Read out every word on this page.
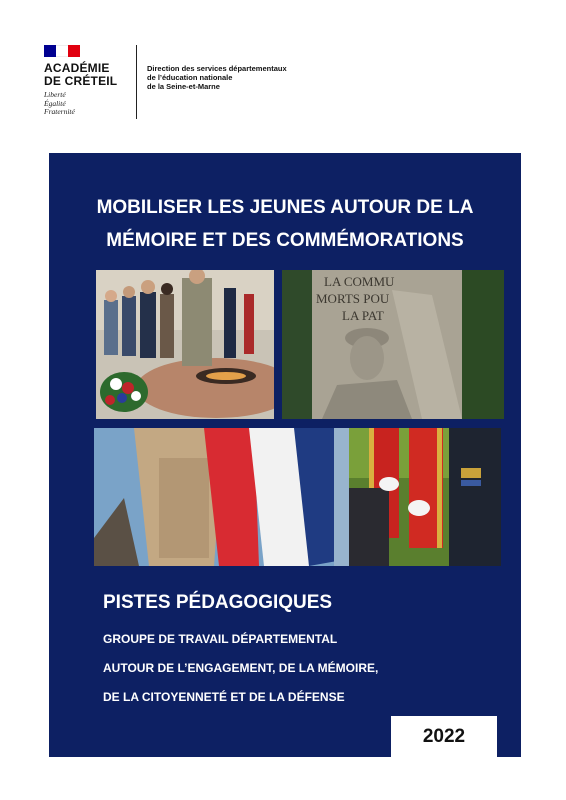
ACADÉMIE
DE CRÉTEIL
Liberté
Égalité
Fraternité
Direction des services départementaux
de l’éducation nationale
de la Seine-et-Marne
MOBILISER LES JEUNES AUTOUR DE LA
MÉMOIRE ET DES COMMÉMORATIONS
LA COMMU
MORTS POU
LA PAT
PISTES PÉDAGOGIQUES
GROUPE DE TRAVAIL DÉPARTEMENTAL
AUTOUR DE L’ENGAGEMENT, DE LA MÉMOIRE,
DE LA CITOYENNETÉ ET DE LA DÉFENSE
2022
